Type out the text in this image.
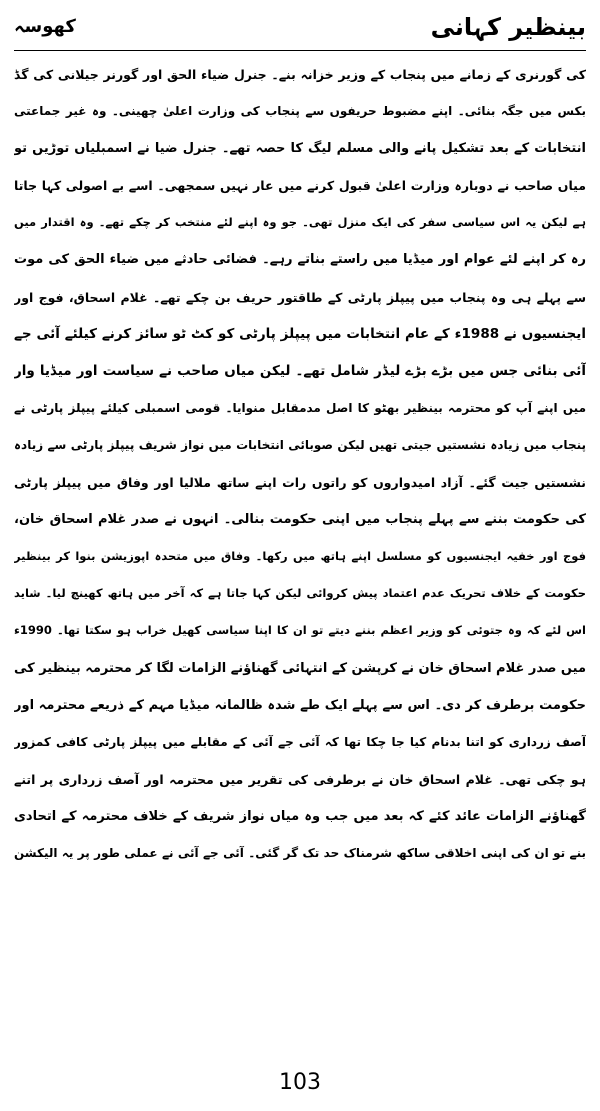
بینظیر کہانی
کھوسہ
کی گورنری کے زمانے میں پنجاب کے وزیر خزانہ بنے۔ جنرل ضیاء الحق اور گورنر جیلانی کی گڈ
بکس میں جگہ بنائی۔ اپنے مضبوط حریفوں سے پنجاب کی وزارت اعلیٰ چھینی۔ وہ غیر جماعتی
انتخابات کے بعد تشکیل پانے والی مسلم لیگ کا حصہ تھے۔ جنرل ضیا نے اسمبلیاں توڑیں تو
میاں صاحب نے دوبارہ وزارت اعلیٰ قبول کرنے میں عار نہیں سمجھی۔ اسے بے اصولی کہا جاتا
ہے لیکن یہ اس سیاسی سفر کی ایک منزل تھی۔ جو وہ اپنے لئے منتخب کر چکے تھے۔ وہ اقتدار میں
رہ کر اپنے لئے عوام اور میڈیا میں راستے بناتے رہے۔ فضائی حادثے میں ضیاء الحق کی موت
سے پہلے ہی وہ پنجاب میں پیپلز پارٹی کے طاقتور حریف بن چکے تھے۔ غلام اسحاق، فوج اور
ایجنسیوں نے 1988ء کے عام انتخابات میں پیپلز پارٹی کو کٹ ٹو سائز کرنے کیلئے آئی جے
آئی بنائی جس میں بڑے بڑے لیڈر شامل تھے۔ لیکن میاں صاحب نے سیاست اور میڈیا وار
میں اپنے آپ کو محترمہ بینظیر بھٹو کا اصل مدمقابل منوایا۔ قومی اسمبلی کیلئے پیپلز پارٹی نے
پنجاب میں زیادہ نشستیں جیتی تھیں لیکن صوبائی انتخابات میں نواز شریف پیپلز پارٹی سے زیادہ
نشستیں جیت گئے۔ آزاد امیدواروں کو راتوں رات اپنے ساتھ ملالیا اور وفاق میں پیپلز پارٹی
کی حکومت بننے سے پہلے پنجاب میں اپنی حکومت بنالی۔ انہوں نے صدر غلام اسحاق خان،
فوج اور خفیہ ایجنسیوں کو مسلسل اپنے ہاتھ میں رکھا۔ وفاق میں متحدہ اپوزیشن بنوا کر بینظیر
حکومت کے خلاف تحریک عدم اعتماد پیش کروائی لیکن کہا جاتا ہے کہ آخر میں ہاتھ کھینچ لیا۔ شاید
اس لئے کہ وہ جتوئی کو وزیر اعظم بننے دیتے تو ان کا اپنا سیاسی کھیل خراب ہو سکتا تھا۔ 1990ء
میں صدر غلام اسحاق خان نے کرپشن کے انتہائی گھناؤنے الزامات لگا کر محترمہ بینظیر کی
حکومت برطرف کر دی۔ اس سے پہلے ایک طے شدہ ظالمانہ میڈیا مہم کے ذریعے محترمہ اور
آصف زرداری کو اتنا بدنام کیا جا چکا تھا کہ آئی جے آئی کے مقابلے میں پیپلز پارٹی کافی کمزور
ہو چکی تھی۔ غلام اسحاق خان نے برطرفی کی تقریر میں محترمہ اور آصف زرداری پر اتنے
گھناؤنے الزامات عائد کئے کہ بعد میں جب وہ میاں نواز شریف کے خلاف محترمہ کے اتحادی
بنے تو ان کی اپنی اخلاقی ساکھ شرمناک حد تک گر گئی۔ آئی جے آئی نے عملی طور پر یہ الیکشن
103
